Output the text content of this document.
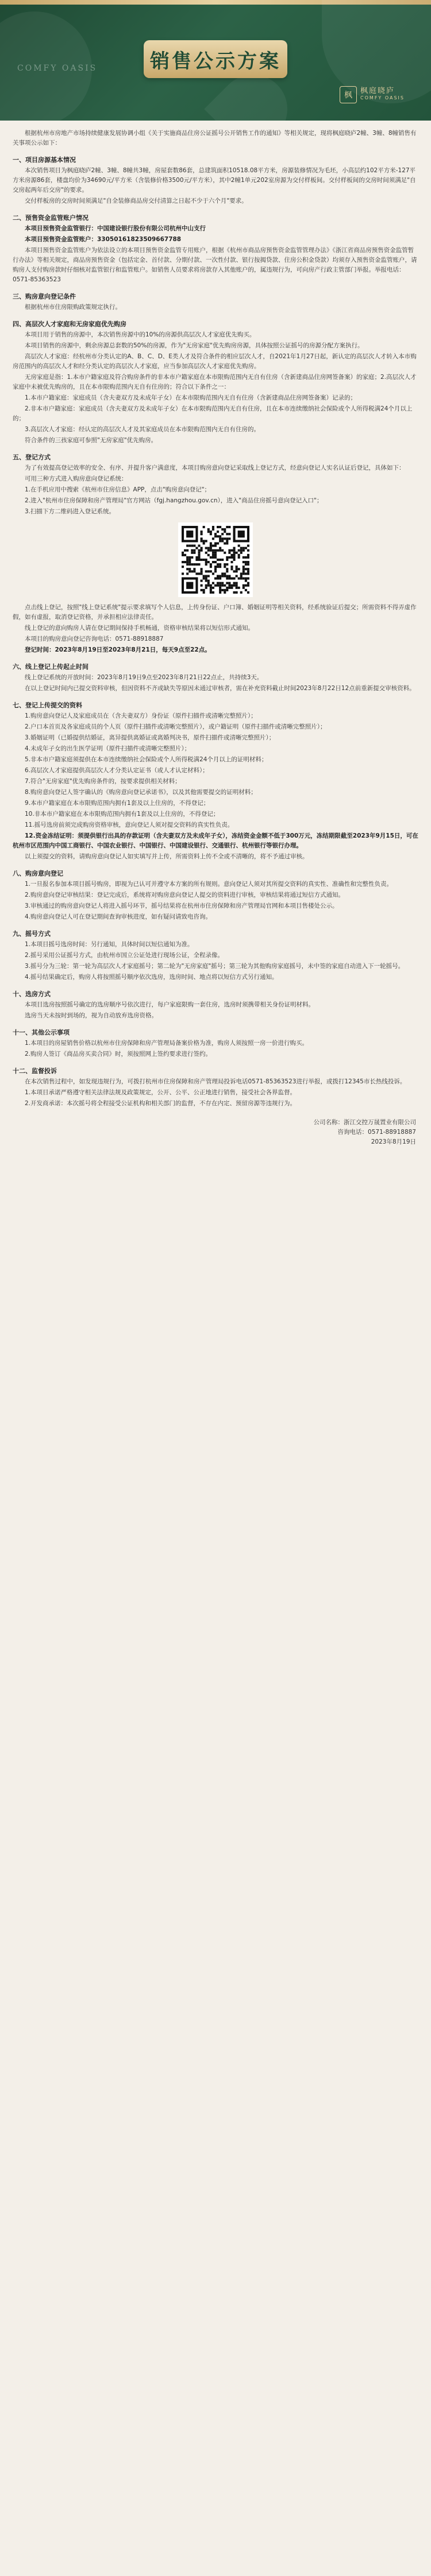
销售公示方案
COMFY OASIS
枫	枫庭晓庐
COMFY OASIS

根据杭州市房地产市场持续健康发展协调小组《关于实施商品住房公证摇号公开销售工作的通知》等相关规定，现将枫庭晓庐2幢、3幢、8幢销售有关事项公示如下：

一、项目房源基本情况

本次销售项目为枫庭晓庐2幢、3幢、8幢共3幢，房屋套数86套，总建筑面积10518.08平方米，房源装修情况为毛坯，小高层约102平方米-127平方米房源86套，楼盘均价为34690元/平方米（含装修价格3500元/平方米），其中2幢1单元202室房源为交付样板间。交付样板间的交房时间须满足"自交房起两年后交房"的要求。

交付样板房的交房时间须满足"自全装修商品房交付清算之日起不少于六个月"要求。

二、预售资金监管账户情况

本项目预售资金监管银行：中国建设银行股份有限公司杭州中山支行

本项目预售资金监管账户：33050161823509667788

本项目预售资金监管账户为依法设立的本项目预售资金监管专用账户，根据《杭州市商品房预售资金监管管理办法》《浙江省商品房预售资金监管暂行办法》等相关规定，商品房预售资金（包括定金、首付款、分期付款、一次性付款、银行按揭贷款、住房公积金贷款）均须存入预售资金监管账户，请购房人支付购房款时仔细核对监管银行和监管账户。如销售人员要求将房款存入其他账户的，属违规行为，可向房产行政主管部门举报。举报电话：0571-85363523

三、购房意向登记条件

根据杭州市住房限购政策规定执行。

四、高层次人才家庭和无房家庭优先购房

本项目用于销售的房源中，本次销售房源中的10%的房源供高层次人才家庭优先购买。

本项目销售的房源中，剩余房源总套数的50%的房源，作为"无房家庭"优先购房房源，具体按照公证摇号的房源分配方案执行。

高层次人才家庭：经杭州市分类认定的A、B、C、D、E类人才及符合条件的相应层次人才，自2021年1月27日起，新认定的高层次人才转入本市购房范围内的高层次人才和经分类认定的高层次人才家庭，应当参加高层次人才家庭优先购房。

无房家庭是指：1.本市户籍家庭及符合购房条件的非本市户籍家庭在本市限购范围内无自有住房（含新建商品住房网签备案）的家庭；2.高层次人才家庭中未被优先购房的，且在本市限购范围内无自有住房的；符合以下条件之一：

1.本市户籍家庭：家庭成员（含夫妻双方及未成年子女）在本市限购范围内无自有住房（含新建商品住房网签备案）记录的；

2.非本市户籍家庭：家庭成员（含夫妻双方及未成年子女）在本市限购范围内无自有住房，且在本市连续缴纳社会保险或个人所得税满24个月以上的；

3.高层次人才家庭：经认定的高层次人才及其家庭成员在本市限购范围内无自有住房的。

符合条件的三孩家庭可参照"无房家庭"优先购房。

五、登记方式

为了有效提高登记效率的安全、有序、并提升客户满意度，本项目购房意向登记采取线上登记方式，经意向登记人实名认证后登记，具体如下：

可用三种方式进入购房意向登记系统：

1.在手机应用中搜索《杭州市住房信息》APP，点击"购房意向登记"；

2.进入"杭州市住房保障和房产管理局"官方网站（fgj.hangzhou.gov.cn），进入"商品住房摇号意向登记入口"；

3.扫描下方二维码进入登记系统。

点击线上登记，按照"线上登记系统"提示要求填写个人信息，上传身份证、户口簿、婚姻证明等相关资料，经系统验证后提交；所需资料不得弄虚作假，如有虚报，取消登记资格，并承担相应法律责任。

线上登记的意向购房人请在登记期间保持手机畅通，资格审核结果将以短信形式通知。

本项目的购房意向登记咨询电话：0571-88918887

登记时间：2023年8月19日至2023年8月21日，每天9点至22点。

六、线上登记上传起止时间

线上登记系统的开放时间：2023年8月19日9点至2023年8月21日22点止，共持续3天。

在以上登记时间内已提交资料审核，但因资料不齐或缺失等原因未通过审核者，需在补充资料截止时间2023年8月22日12点前重新提交审核资料。

七、登记上传提交的资料

1.购房意向登记人及家庭成员在（含夫妻双方）身份证（原件扫描件或清晰完整照片）；

2.户口本首页及各家庭成员的个人页（原件扫描件或清晰完整照片），或户籍证明（原件扫描件或清晰完整照片）；

3.婚姻证明（已婚提供结婚证，离异提供离婚证或离婚判决书，原件扫描件或清晰完整照片）；

4.未成年子女的出生医学证明（原件扫描件或清晰完整照片）；

5.非本市户籍家庭须提供在本市连续缴纳社会保险或个人所得税满24个月以上的证明材料；

6.高层次人才家庭提供高层次人才分类认定证书（或人才认定材料）；

7.符合"无房家庭"优先购房条件的，按要求提供相关材料；

8.购房意向登记人签字确认的《购房意向登记承诺书》，以及其他需要提交的证明材料；

9.本市户籍家庭在本市限购范围内拥有1套及以上住房的，不得登记；

10.非本市户籍家庭在本市限购范围内拥有1套及以上住房的，不得登记；

11.摇号选房前须完成购房资格审核，意向登记人须对提交资料的真实性负责。

12.资金冻结证明：须提供银行出具的存款证明（含夫妻双方及未成年子女），冻结资金金额不低于300万元，冻结期限截至2023年9月15日，可在杭州市区范围内中国工商银行、中国农业银行、中国银行、中国建设银行、交通银行、杭州银行等银行办理。

以上须提交的资料，请购房意向登记人如实填写并上传，所需资料上传不全或不清晰的，将不予通过审核。

八、购房意向登记

1.一旦报名参加本项目摇号购房，即视为已认可并遵守本方案的所有规则。意向登记人须对其所提交资料的真实性、准确性和完整性负责。

2.购房意向登记审核结果：登记完成后，系统将对购房意向登记人提交的资料进行审核，审核结果将通过短信方式通知。

3.审核通过的购房意向登记人将进入摇号环节，摇号结果将在杭州市住房保障和房产管理局官网和本项目售楼处公示。

4.购房意向登记人可在登记期间查询审核进度，如有疑问请致电咨询。

九、摇号方式

1.本项目摇号选房时间：另行通知，具体时间以短信通知为准。

2.摇号采用公证摇号方式，由杭州市国立公证处进行现场公证，全程录像。

3.摇号分为三轮：第一轮为高层次人才家庭摇号；第二轮为"无房家庭"摇号；第三轮为其他购房家庭摇号，未中签的家庭自动进入下一轮摇号。

4.摇号结果确定后，购房人将按照摇号顺序依次选房，选房时间、地点将以短信方式另行通知。

十、选房方式

本项目选房按照摇号确定的选房顺序号依次进行，每户家庭限购一套住房，选房时须携带相关身份证明材料。

选房当天未按时到场的，视为自动放弃选房资格。

十一、其他公示事项

1.本项目的房屋销售价格以杭州市住房保障和房产管理局备案价格为准，购房人须按照一房一价进行购买。

2.购房人签订《商品房买卖合同》时，须按照网上签约要求进行签约。

十二、监督投诉

在本次销售过程中，如发现违规行为，可拨打杭州市住房保障和房产管理局投诉电话0571-85363523进行举报，或拨打12345市长热线投诉。

1.本项目承诺严格遵守相关法律法规及政策规定，公开、公平、公正地进行销售，接受社会各界监督。

2.开发商承诺：本次摇号将全程接受公证机构和相关部门的监督，不存在内定、预留房源等违规行为。

公司名称：浙江交控万晟置业有限公司
咨询电话：0571-88918887
2023年8月19日
